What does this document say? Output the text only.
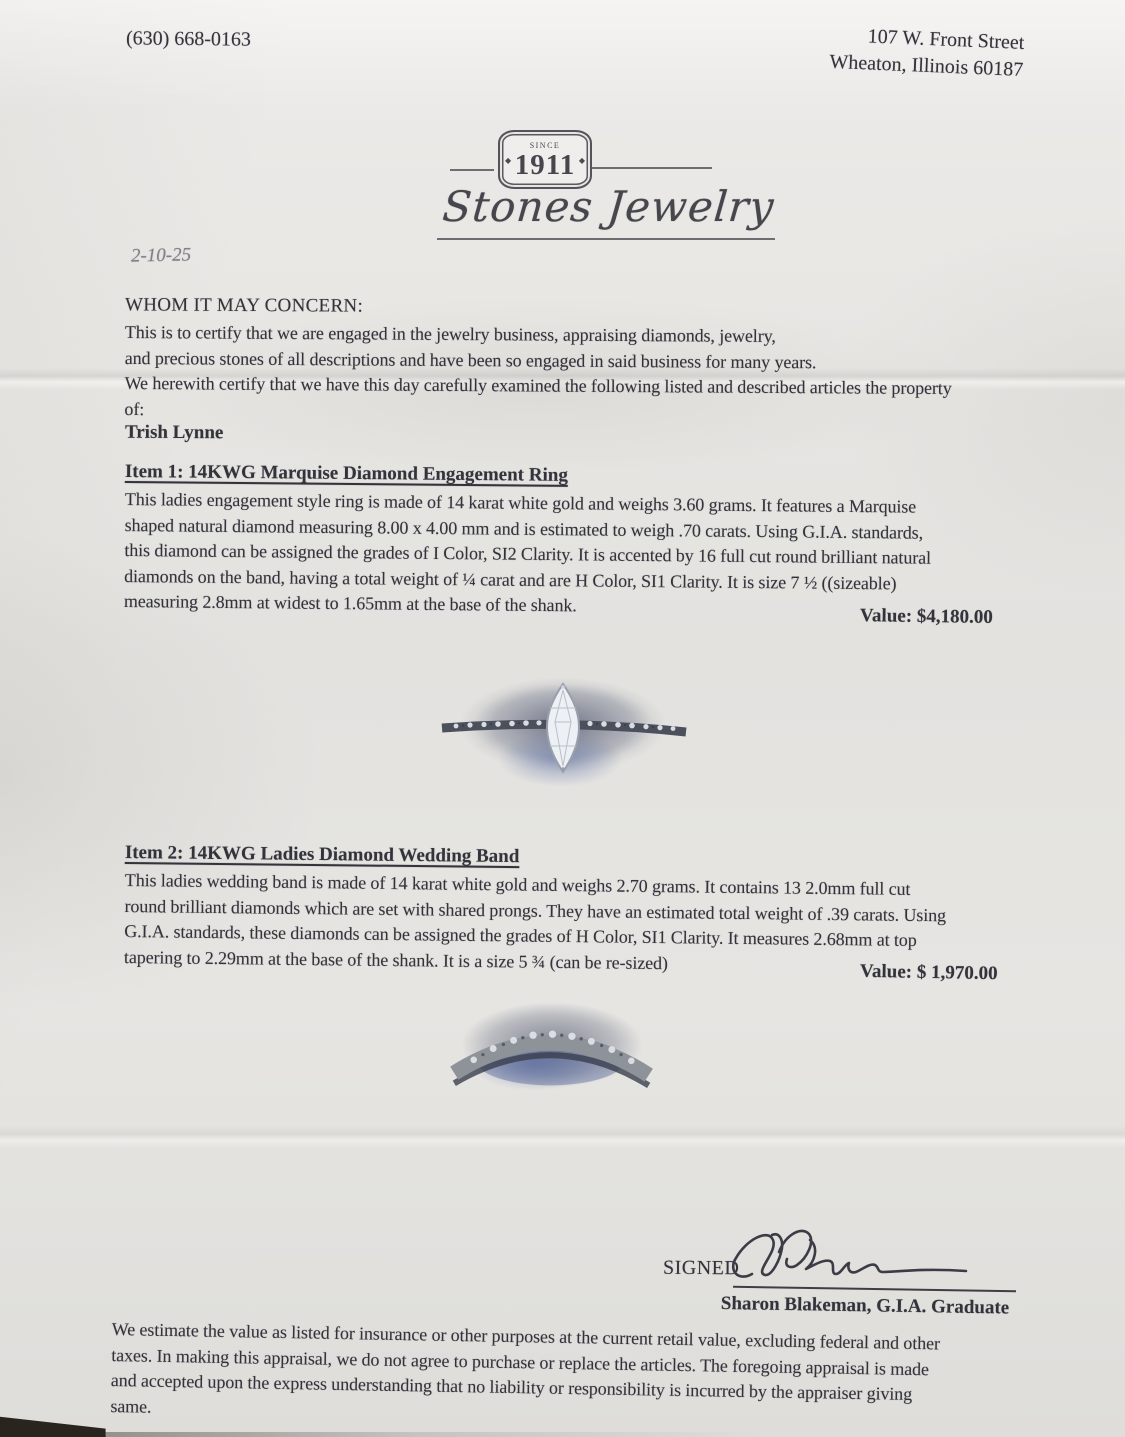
(630) 668-0163	107 W. Front Street
Wheaton, Illinois 60187
◆	◆
SINCE
1911
Stones Jewelry
2-10-25
WHOM IT MAY CONCERN:
This is to certify that we are engaged in the jewelry business, appraising diamonds, jewelry,
and precious stones of all descriptions and have been so engaged in said business for many years.
We herewith certify that we have this day carefully examined the following listed and described articles the property
of:
Trish Lynne
Item 1: 14KWG Marquise Diamond Engagement Ring
This ladies engagement style ring is made of 14 karat white gold and weighs 3.60 grams. It features a Marquise
shaped natural diamond measuring 8.00 x 4.00 mm and is estimated to weigh .70 carats. Using G.I.A. standards,
this diamond can be assigned the grades of I Color, SI2 Clarity. It is accented by 16 full cut round brilliant natural
diamonds on the band, having a total weight of ¼ carat and are H Color, SI1 Clarity. It is size 7 ½ ((sizeable)
measuring 2.8mm at widest to 1.65mm at the base of the shank.
Value: $4,180.00
Item 2: 14KWG Ladies Diamond Wedding Band
This ladies wedding band is made of 14 karat white gold and weighs 2.70 grams. It contains 13 2.0mm full cut
round brilliant diamonds which are set with shared prongs. They have an estimated total weight of .39 carats. Using
G.I.A. standards, these diamonds can be assigned the grades of H Color, SI1 Clarity. It measures 2.68mm at top
tapering to 2.29mm at the base of the shank. It is a size 5 ¾ (can be re-sized)	Value: $ 1,970.00
SIGNED
Sharon Blakeman, G.I.A. Graduate
We estimate the value as listed for insurance or other purposes at the current retail value, excluding federal and other
taxes. In making this appraisal, we do not agree to purchase or replace the articles. The foregoing appraisal is made
and accepted upon the express understanding that no liability or responsibility is incurred by the appraiser giving
same.
